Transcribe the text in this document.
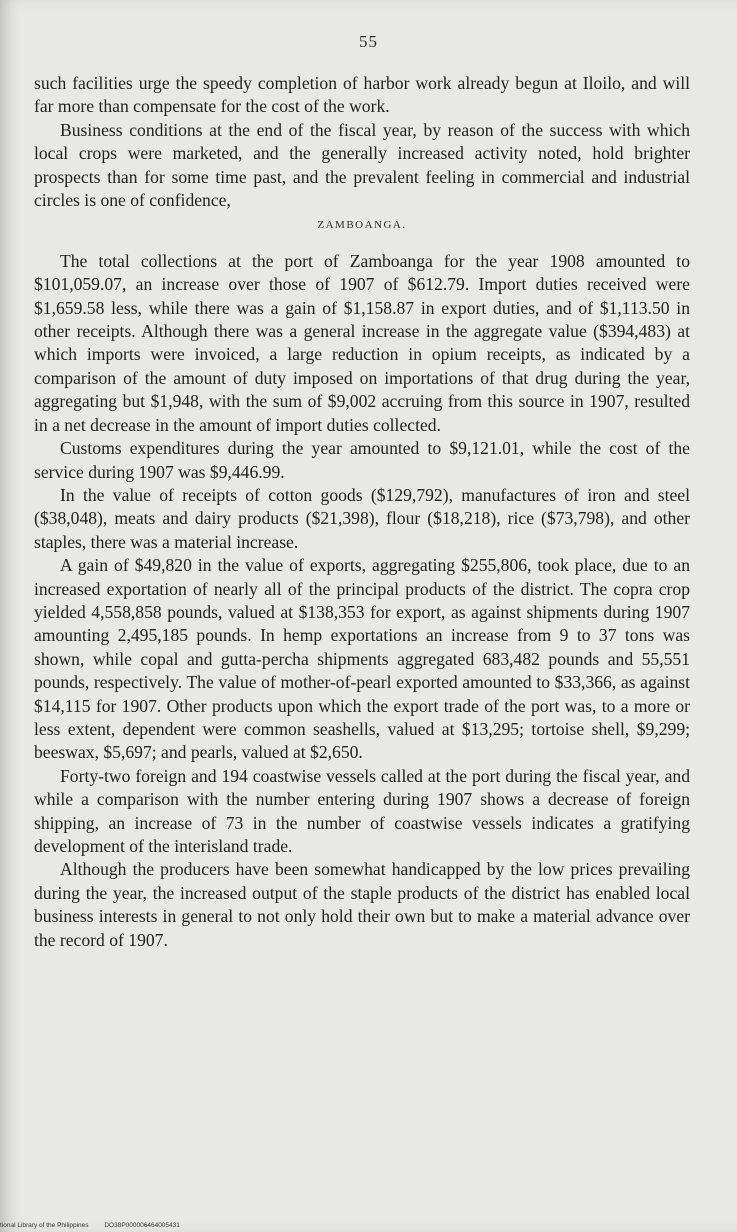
55

such facilities urge the speedy completion of harbor work already begun at Iloilo, and will far more than compensate for the cost of the work.

Business conditions at the end of the fiscal year, by reason of the success with which local crops were marketed, and the generally increased activity noted, hold brighter prospects than for some time past, and the prevalent feeling in commercial and industrial circles is one of confidence,

ZAMBOANGA.

The total collections at the port of Zamboanga for the year 1908 amounted to $101,059.07, an increase over those of 1907 of $612.79. Import duties received were $1,659.58 less, while there was a gain of $1,158.87 in export duties, and of $1,113.50 in other receipts. Although there was a general increase in the aggregate value ($394,483) at which imports were invoiced, a large reduction in opium receipts, as indicated by a comparison of the amount of duty imposed on importations of that drug during the year, aggregating but $1,948, with the sum of $9,002 accruing from this source in 1907, resulted in a net decrease in the amount of import duties collected.

Customs expenditures during the year amounted to $9,121.01, while the cost of the service during 1907 was $9,446.99.

In the value of receipts of cotton goods ($129,792), manufactures of iron and steel ($38,048), meats and dairy products ($21,398), flour ($18,218), rice ($73,798), and other staples, there was a material increase.

A gain of $49,820 in the value of exports, aggregating $255,806, took place, due to an increased exportation of nearly all of the principal products of the district. The copra crop yielded 4,558,858 pounds, valued at $138,353 for export, as against shipments during 1907 amounting 2,495,185 pounds. In hemp exportations an increase from 9 to 37 tons was shown, while copal and gutta-percha shipments aggregated 683,482 pounds and 55,551 pounds, respectively. The value of mother-of-pearl exported amounted to $33,366, as against $14,115 for 1907. Other products upon which the export trade of the port was, to a more or less extent, dependent were common seashells, valued at $13,295; tortoise shell, $9,299; beeswax, $5,697; and pearls, valued at $2,650.

Forty-two foreign and 194 coastwise vessels called at the port during the fiscal year, and while a comparison with the number entering during 1907 shows a decrease of foreign shipping, an increase of 73 in the number of coastwise vessels indicates a gratifying development of the interisland trade.

Although the producers have been somewhat handicapped by the low prices prevailing during the year, the increased output of the staple products of the district has enabled local business interests in general to not only hold their own but to make a material advance over the record of 1907.

tional Library of the Philippines DO38P000006464005431
